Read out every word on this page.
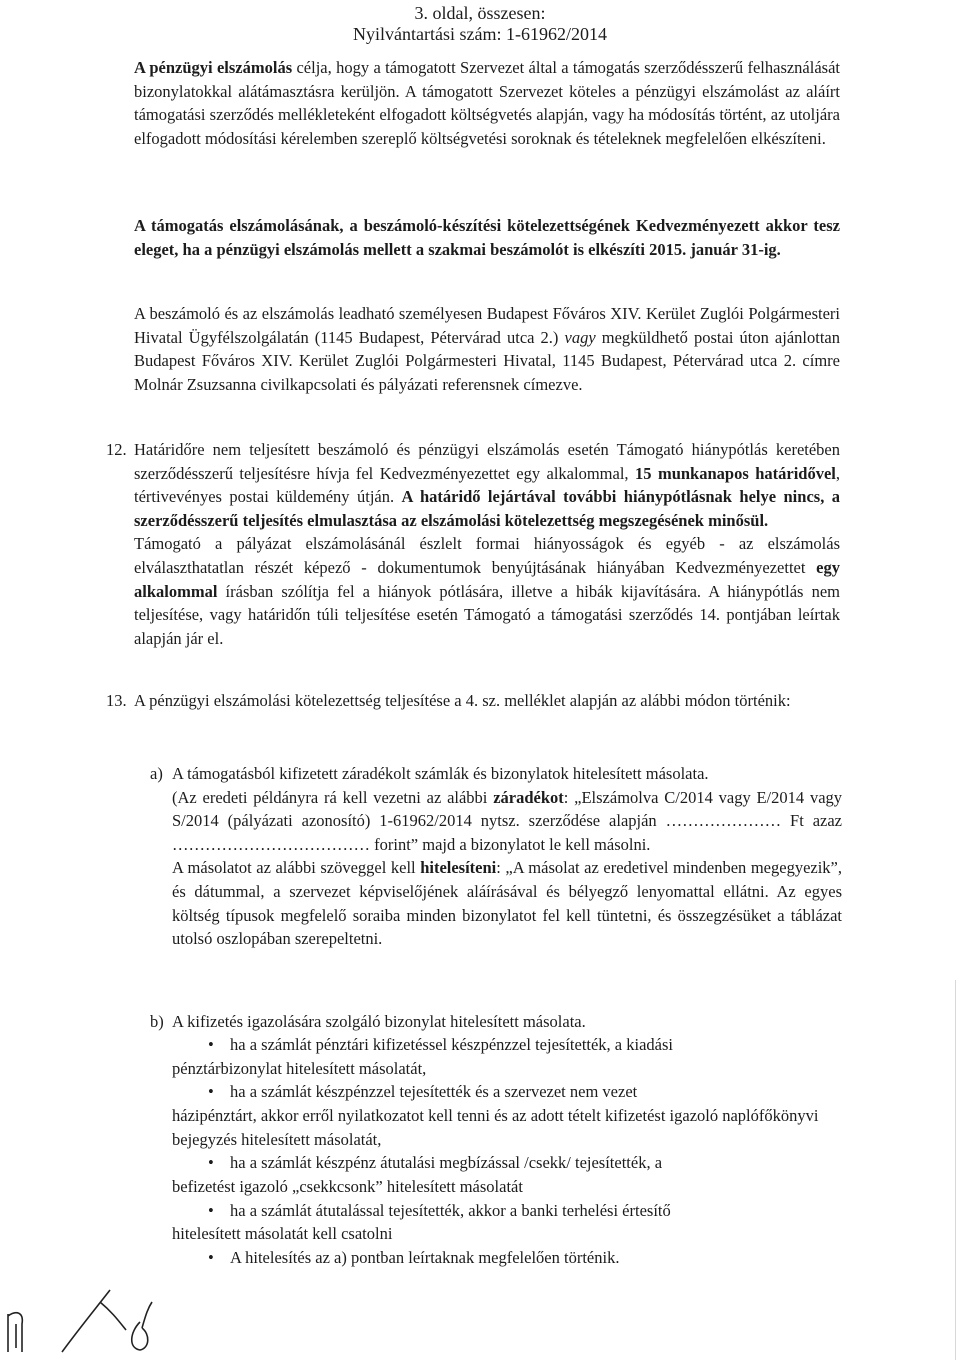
3. oldal, összesen:
Nyilvántartási szám: 1-61962/2014
A pénzügyi elszámolás célja, hogy a támogatott Szervezet által a támogatás szerződésszerű felhasználását bizonylatokkal alátámasztásra kerüljön. A támogatott Szervezet köteles a pénzügyi elszámolást az aláírt támogatási szerződés mellékleteként elfogadott költségvetés alapján, vagy ha módosítás történt, az utoljára elfogadott módosítási kérelemben szereplő költségvetési soroknak és tételeknek megfelelően elkészíteni.
A támogatás elszámolásának, a beszámoló-készítési kötelezettségének Kedvezményezett akkor tesz eleget, ha a pénzügyi elszámolás mellett a szakmai beszámolót is elkészíti 2015. január 31-ig.
A beszámoló és az elszámolás leadható személyesen Budapest Főváros XIV. Kerület Zuglói Polgármesteri Hivatal Ügyfélszolgálatán (1145 Budapest, Pétervárad utca 2.) vagy megküldhető postai úton ajánlottan Budapest Főváros XIV. Kerület Zuglói Polgármesteri Hivatal, 1145 Budapest, Pétervárad utca 2. címre Molnár Zsuzsanna civilkapcsolati és pályázati referensnek címezve.
12. Határidőre nem teljesített beszámoló és pénzügyi elszámolás esetén Támogató hiánypótlás keretében szerződésszerű teljesítésre hívja fel Kedvezményezettet egy alkalommal, 15 munkanapos határidővel, tértivevényes postai küldemény útján. A határidő lejártával további hiánypótlásnak helye nincs, a szerződésszerű teljesítés elmulasztása az elszámolási kötelezettség megszegésének minősül.
Támogató a pályázat elszámolásánál észlelt formai hiányosságok és egyéb - az elszámolás elválaszthatatlan részét képező - dokumentumok benyújtásának hiányában Kedvezményezettet egy alkalommal írásban szólítja fel a hiányok pótlására, illetve a hibák kijavítására. A hiánypótlás nem teljesítése, vagy határidőn túli teljesítése esetén Támogató a támogatási szerződés 14. pontjában leírtak alapján jár el.
13. A pénzügyi elszámolási kötelezettség teljesítése a 4. sz. melléklet alapján az alábbi módon történik:
a) A támogatásból kifizetett záradékolt számlák és bizonylatok hitelesített másolata.
(Az eredeti példányra rá kell vezetni az alábbi záradékot: „Elszámolva C/2014 vagy E/2014 vagy S/2014 (pályázati azonosító) 1-61962/2014 nytsz. szerződése alapján ………………… Ft azaz ……………………………… forint” majd a bizonylatot le kell másolni.
A másolatot az alábbi szöveggel kell hitelesíteni: „A másolat az eredetivel mindenben megegyezik”, és dátummal, a szervezet képviselőjének aláírásával és bélyegző lenyomattal ellátni. Az egyes költség típusok megfelelő soraiba minden bizonylatot fel kell tüntetni, és összegzésüket a táblázat utolsó oszlopában szerepeltetni.
b) A kifizetés igazolására szolgáló bizonylat hitelesített másolata.
• ha a számlát pénztári kifizetéssel készpénzzel tejesítették, a kiadási
pénztárbizonylat hitelesített másolatát,
• ha a számlát készpénzzel tejesítették és a szervezet nem vezet
házipénztárt, akkor erről nyilatkozatot kell tenni és az adott tételt kifizetést igazoló naplófőkönyvi bejegyzés hitelesített másolatát,
• ha a számlát készpénz átutalási megbízással /csekk/ tejesítették, a
befizetést igazoló „csekkcsonk” hitelesített másolatát
• ha a számlát átutalással tejesítették, akkor a banki terhelési értesítő
hitelesített másolatát kell csatolni
• A hitelesítés az a) pontban leírtaknak megfelelően történik.
